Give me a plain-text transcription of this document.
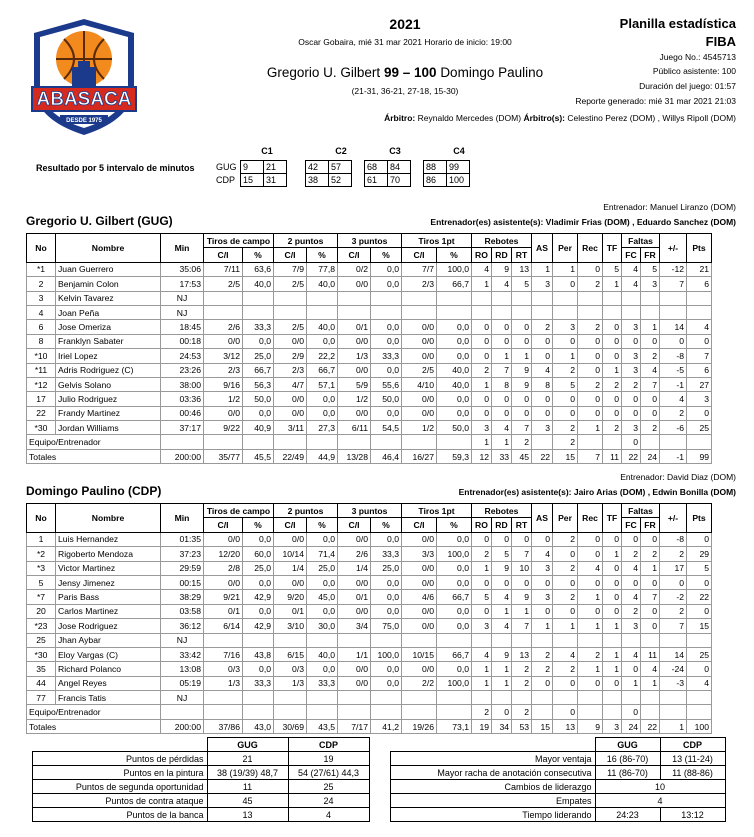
ABASACA
DESDE 1975
2021
Oscar Gobaira, mié 31 mar 2021 Horario de inicio: 19:00
Gregorio U. Gilbert 99 – 100 Domingo Paulino
(21-31, 36-21, 27-18, 15-30)
Planilla estadística
FIBA
Juego No.: 4545713
Público asistente: 100
Duración del juego: 01:57
Reporte generado: mié 31 mar 2021 21:03
Árbitro: Reynaldo Mercedes (DOM) Árbitro(s): Celestino Perez (DOM) , Willys Ripoll (DOM)
Resultado por 5 intervalo de minutos
C1	C2	C3	C4
GUG	9	21		42	57		68	84		88	99
CDP	15	31		38	52		61	70		86	100
Entrenador: Manuel Liranzo (DOM)
Gregorio U. Gilbert (GUG)	Entrenador(es) asistente(s): Vladimir Frias (DOM) , Eduardo Sanchez (DOM)
No	Nombre	Min	Tiros de campo		2 puntos		3 puntos		Tiros 1pt		Rebotes			AS	Per	Rec	TF	Faltas		+/-	Pts
			C/I	%	C/I	%	C/I	%	C/I	%	RO	RD	RT					FC	FR		
*1	Juan Guerrero	35:06	7/11	63,6	7/9	77,8	0/2	0,0	7/7	100,0	4	9	13	1	1	0	5	4	5	-12	21
2	Benjamin Colon	17:53	2/5	40,0	2/5	40,0	0/0	0,0	2/3	66,7	1	4	5	3	0	2	1	4	3	7	6
3	Kelvin Tavarez	NJ																			
4	Joan Peña	NJ																			
6	Jose Omeriza	18:45	2/6	33,3	2/5	40,0	0/1	0,0	0/0	0,0	0	0	0	2	3	2	0	3	1	14	4
8	Franklyn Sabater	00:18	0/0	0,0	0/0	0,0	0/0	0,0	0/0	0,0	0	0	0	0	0	0	0	0	0	0	0
*10	Iriel Lopez	24:53	3/12	25,0	2/9	22,2	1/3	33,3	0/0	0,0	0	1	1	0	1	0	0	3	2	-8	7
*11	Adris Rodriguez (C)	23:26	2/3	66,7	2/3	66,7	0/0	0,0	2/5	40,0	2	7	9	4	2	0	1	3	4	-5	6
*12	Gelvis Solano	38:00	9/16	56,3	4/7	57,1	5/9	55,6	4/10	40,0	1	8	9	8	5	2	2	2	7	-1	27
17	Julio Rodriguez	03:36	1/2	50,0	0/0	0,0	1/2	50,0	0/0	0,0	0	0	0	0	0	0	0	0	0	4	3
22	Frandy Martinez	00:46	0/0	0,0	0/0	0,0	0/0	0,0	0/0	0,0	0	0	0	0	0	0	0	0	0	2	0
*30	Jordan Williams	37:17	9/22	40,9	3/11	27,3	6/11	54,5	1/2	50,0	3	4	7	3	2	1	2	3	2	-6	25
Equipo/Entrenador											1	1	2		2			0			
Totales		200:00	35/77	45,5	22/49	44,9	13/28	46,4	16/27	59,3	12	33	45	22	15	7	11	22	24	-1	99
Entrenador: David Diaz (DOM)
Domingo Paulino (CDP)	Entrenador(es) asistente(s): Jairo Arias (DOM) , Edwin Bonilla (DOM)
No	Nombre	Min	Tiros de campo		2 puntos		3 puntos		Tiros 1pt		Rebotes			AS	Per	Rec	TF	Faltas		+/-	Pts
			C/I	%	C/I	%	C/I	%	C/I	%	RO	RD	RT					FC	FR		
1	Luis Hernandez	01:35	0/0	0,0	0/0	0,0	0/0	0,0	0/0	0,0	0	0	0	0	2	0	0	0	0	-8	0
*2	Rigoberto Mendoza	37:23	12/20	60,0	10/14	71,4	2/6	33,3	3/3	100,0	2	5	7	4	0	0	1	2	2	2	29
*3	Victor Martinez	29:59	2/8	25,0	1/4	25,0	1/4	25,0	0/0	0,0	1	9	10	3	2	4	0	4	1	17	5
5	Jensy Jimenez	00:15	0/0	0,0	0/0	0,0	0/0	0,0	0/0	0,0	0	0	0	0	0	0	0	0	0	0	0
*7	Paris Bass	38:29	9/21	42,9	9/20	45,0	0/1	0,0	4/6	66,7	5	4	9	3	2	1	0	4	7	-2	22
20	Carlos Martinez	03:58	0/1	0,0	0/1	0,0	0/0	0,0	0/0	0,0	0	1	1	0	0	0	0	2	0	2	0
*23	Jose Rodriguez	36:12	6/14	42,9	3/10	30,0	3/4	75,0	0/0	0,0	3	4	7	1	1	1	1	3	0	7	15
25	Jhan Aybar	NJ																			
*30	Eloy Vargas (C)	33:42	7/16	43,8	6/15	40,0	1/1	100,0	10/15	66,7	4	9	13	2	4	2	1	4	11	14	25
35	Richard Polanco	13:08	0/3	0,0	0/3	0,0	0/0	0,0	0/0	0,0	1	1	2	2	2	1	1	0	4	-24	0
44	Angel Reyes	05:19	1/3	33,3	1/3	33,3	0/0	0,0	2/2	100,0	1	1	2	0	0	0	0	1	1	-3	4
77	Francis Tatis	NJ																			
Equipo/Entrenador											2	0	2		0			0			
Totales		200:00	37/86	43,0	30/69	43,5	7/17	41,2	19/26	73,1	19	34	53	15	13	9	3	24	22	1	100
	GUG	CDP
Puntos de pérdidas	21	19
Puntos en la pintura	38 (19/39) 48,7	54 (27/61) 44,3
Puntos de segunda oportunidad	11	25
Puntos de contra ataque	45	24
Puntos de la banca	13	4
	GUG	CDP
Mayor ventaja	16 (86-70)	13 (11-24)
Mayor racha de anotación consecutiva	11 (86-70)	11 (88-86)
Cambios de liderazgo	10	
Empates	4	
Tiempo liderando	24:23	13:12
